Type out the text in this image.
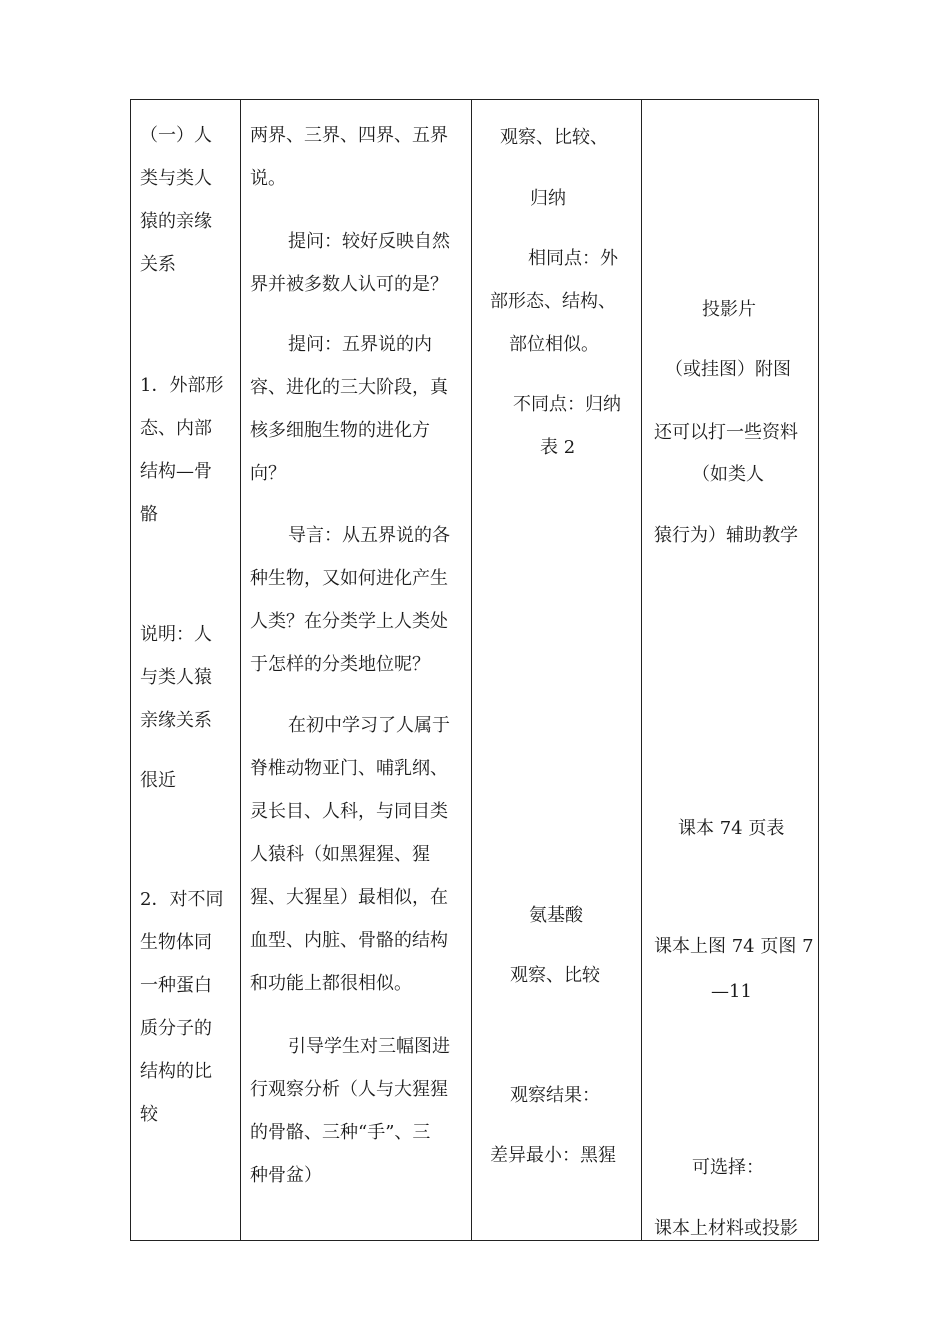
（一）人
类与类人
猿的亲缘
关系
1．外部形
态、内部
结构—骨
骼
说明：人
与类人猿
亲缘关系
很近
2．对不同
生物体同
一种蛋白
质分子的
结构的比
较
两界、三界、四界、五界
说。
提问：较好反映自然
界并被多数人认可的是？
提问：五界说的内
容、进化的三大阶段，真
核多细胞生物的进化方
向？
导言：从五界说的各
种生物，又如何进化产生
人类？在分类学上人类处
于怎样的分类地位呢？
在初中学习了人属于
脊椎动物亚门、哺乳纲、
灵长目、人科，与同目类
人猿科（如黑猩猩、猩
猩、大猩星）最相似，在
血型、内脏、骨骼的结构
和功能上都很相似。
引导学生对三幅图进
行观察分析（人与大猩猩
的骨骼、三种“手”、三
种骨盆）
观察、比较、
归纳
相同点：外
部形态、结构、
部位相似。
不同点：归纳
表 2
氨基酸
观察、比较
观察结果：
差异最小：黑猩
投影片
（或挂图）附图
还可以打一些资料
（如类人
猿行为）辅助教学
课本 74 页表
课本上图 74 页图 7
—11
可选择：
课本上材料或投影
